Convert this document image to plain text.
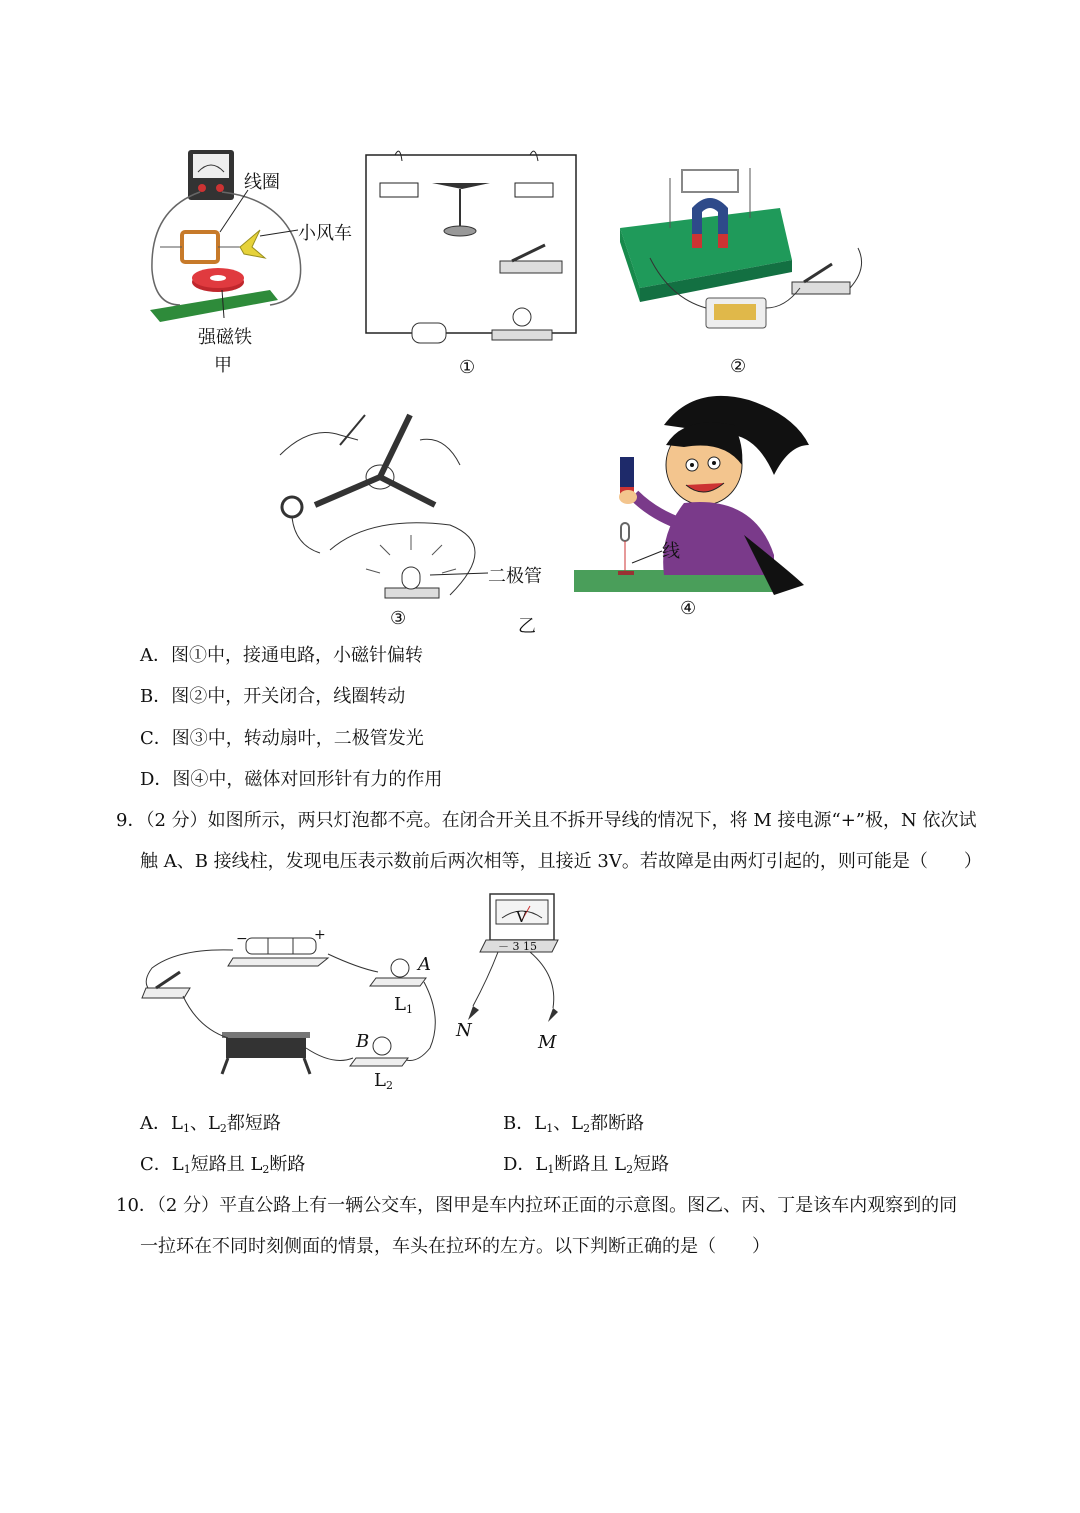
线圈
小风车
强磁铁
甲	①	②
二极管
③	乙
线
④
A．图①中，接通电路，小磁针偏转
B．图②中，开关闭合，线圈转动
C．图③中，转动扇叶，二极管发光
D．图④中，磁体对回形针有力的作用
9．（2 分）如图所示，两只灯泡都不亮。在闭合开关且不拆开导线的情况下，将 M 接电源“+”极，N 依次试
触 A、B 接线柱，发现电压表示数前后两次相等，且接近 3V。若故障是由两灯引起的，则可能是（　　）
−	+
A
$L_1$
B
$L_2$
V
－ 3 15
N
M
A．$L_1$、$L_2$都短路	B．$L_1$、$L_2$都断路
C．$L_1$短路且 $L_2$断路	D．$L_1$断路且 $L_2$短路
10．（2 分）平直公路上有一辆公交车，图甲是车内拉环正面的示意图。图乙、丙、丁是该车内观察到的同
一拉环在不同时刻侧面的情景，车头在拉环的左方。以下判断正确的是（　　）
